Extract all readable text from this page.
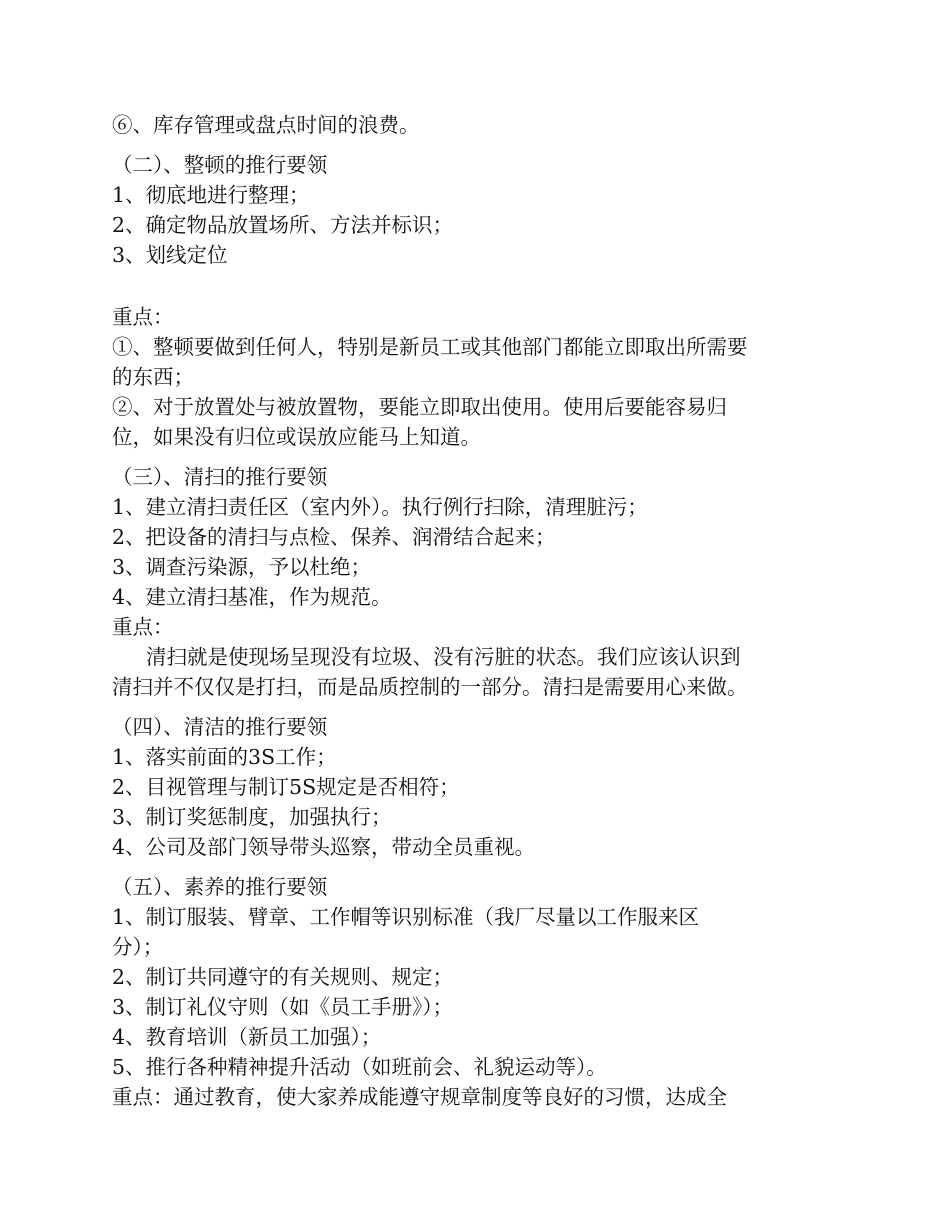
⑥、库存管理或盘点时间的浪费。
（二）、整顿的推行要领
1、彻底地进行整理；
2、确定物品放置场所、方法并标识；
3、划线定位
重点：
①、整顿要做到任何人，特别是新员工或其他部门都能立即取出所需要
的东西；
②、对于放置处与被放置物，要能立即取出使用。使用后要能容易归
位，如果没有归位或误放应能马上知道。
（三）、清扫的推行要领
1、建立清扫责任区（室内外）。执行例行扫除，清理脏污；
2、把设备的清扫与点检、保养、润滑结合起来；
3、调查污染源，予以杜绝；
4、建立清扫基准，作为规范。
重点：
清扫就是使现场呈现没有垃圾、没有污脏的状态。我们应该认识到
清扫并不仅仅是打扫，而是品质控制的一部分。清扫是需要用心来做。
（四）、清洁的推行要领
1、落实前面的3S工作；
2、目视管理与制订5S规定是否相符；
3、制订奖惩制度，加强执行；
4、公司及部门领导带头巡察，带动全员重视。
（五）、素养的推行要领
1、制订服装、臂章、工作帽等识别标准（我厂尽量以工作服来区
分）；
2、制订共同遵守的有关规则、规定；
3、制订礼仪守则（如《员工手册》）；
4、教育培训（新员工加强）；
5、推行各种精神提升活动（如班前会、礼貌运动等）。
重点：通过教育，使大家养成能遵守规章制度等良好的习惯，达成全
